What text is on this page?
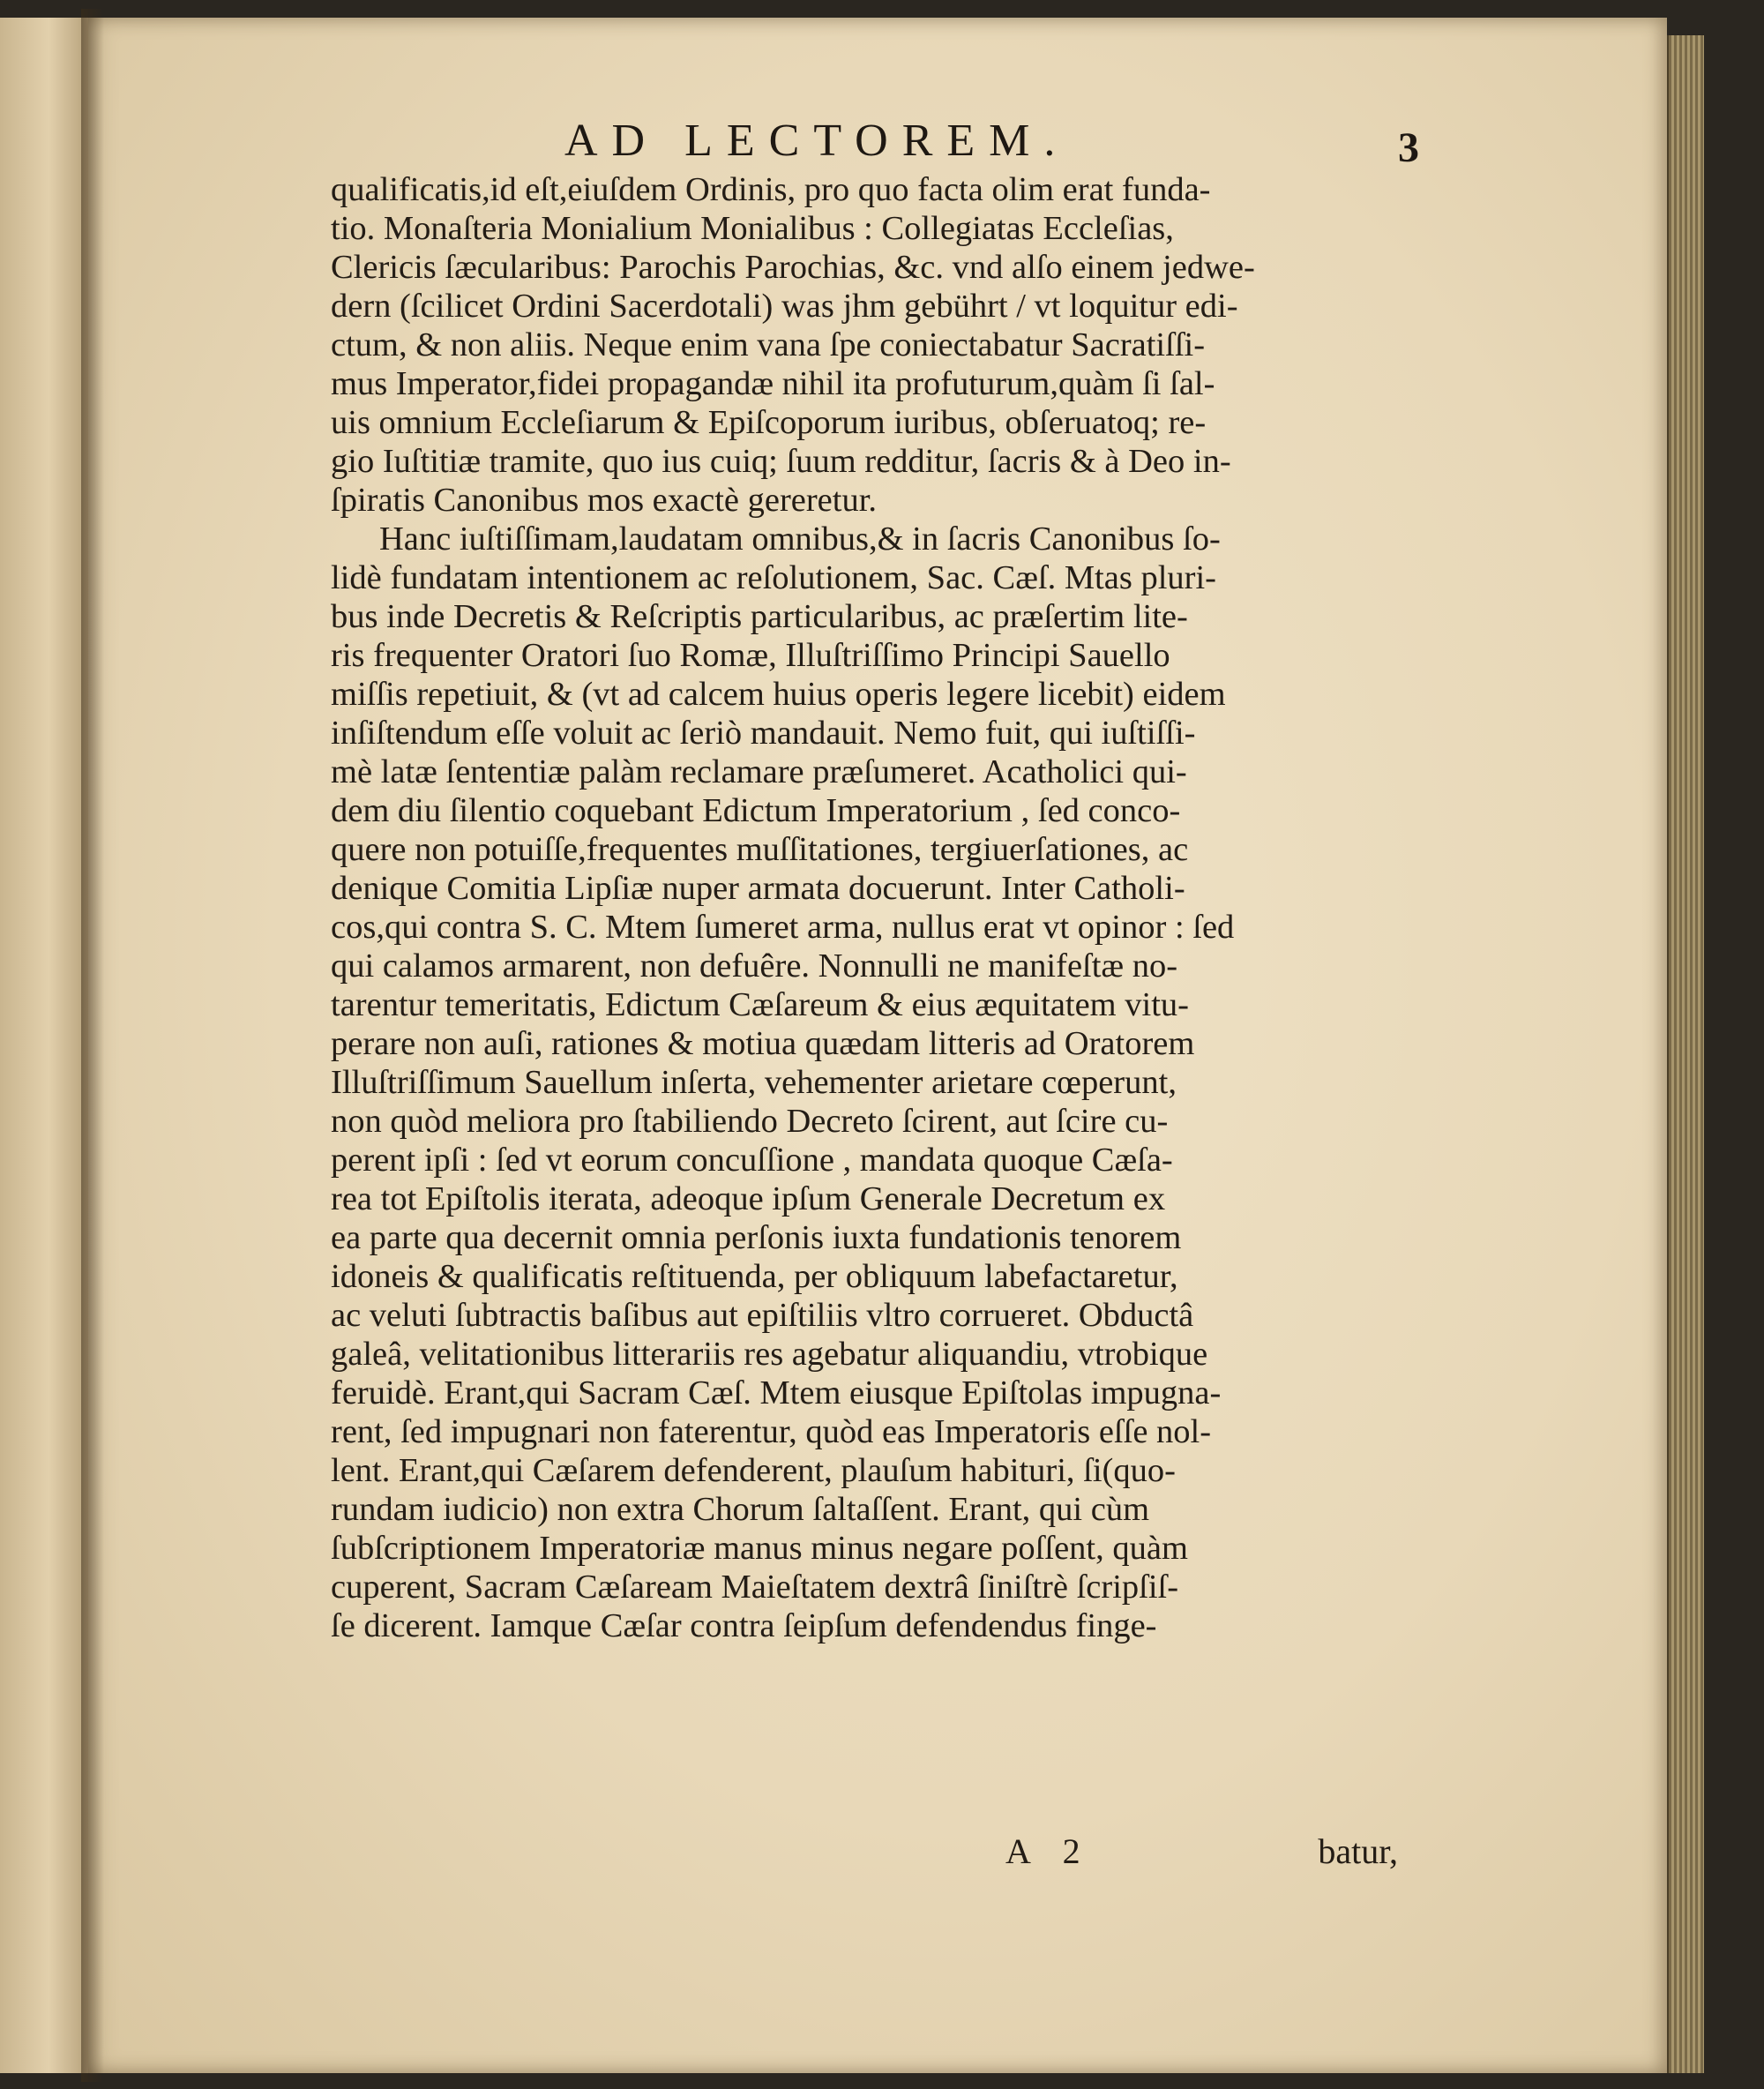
AD LECTOREM.	3
qualificatis,id eſt,eiuſdem Ordinis, pro quo facta olim erat funda-
tio. Monaſteria Monialium Monialibus : Collegiatas Eccleſias,
Clericis ſæcularibus: Parochis Parochias, &c. vnd alſo einem jedwe-
dern (ſcilicet Ordini Sacerdotali) was jhm gebührt / vt loquitur edi-
ctum, & non aliis. Neque enim vana ſpe coniectabatur Sacratiſſi-
mus Imperator,fidei propagandæ nihil ita profuturum,quàm ſi ſal-
uis omnium Eccleſiarum & Epiſcoporum iuribus, obſeruatoq; re-
gio Iuſtitiæ tramite, quo ius cuiq; ſuum redditur, ſacris & à Deo in-
ſpiratis Canonibus mos exactè gereretur.
Hanc iuſtiſſimam,laudatam omnibus,& in ſacris Canonibus ſo-
lidè fundatam intentionem ac reſolutionem, Sac. Cæſ. Mtas pluri-
bus inde Decretis & Reſcriptis particularibus, ac præſertim lite-
ris frequenter Oratori ſuo Romæ, Illuſtriſſimo Principi Sauello
miſſis repetiuit, & (vt ad calcem huius operis legere licebit) eidem
inſiſtendum eſſe voluit ac ſeriò mandauit. Nemo fuit, qui iuſtiſſi-
mè latæ ſententiæ palàm reclamare præſumeret. Acatholici qui-
dem diu ſilentio coquebant Edictum Imperatorium , ſed conco-
quere non potuiſſe,frequentes muſſitationes, tergiuerſationes, ac
denique Comitia Lipſiæ nuper armata docuerunt. Inter Catholi-
cos,qui contra S. C. Mtem ſumeret arma, nullus erat vt opinor : ſed
qui calamos armarent, non defuêre. Nonnulli ne manifeſtæ no-
tarentur temeritatis, Edictum Cæſareum & eius æquitatem vitu-
perare non auſi, rationes & motiua quædam litteris ad Oratorem
Illuſtriſſimum Sauellum inſerta, vehementer arietare cœperunt,
non quòd meliora pro ſtabiliendo Decreto ſcirent, aut ſcire cu-
perent ipſi : ſed vt eorum concuſſione , mandata quoque Cæſa-
rea tot Epiſtolis iterata, adeoque ipſum Generale Decretum ex
ea parte qua decernit omnia perſonis iuxta fundationis tenorem
idoneis & qualificatis reſtituenda, per obliquum labefactaretur,
ac veluti ſubtractis baſibus aut epiſtiliis vltro corrueret. Obductâ
galeâ, velitationibus litterariis res agebatur aliquandiu, vtrobique
feruidè. Erant,qui Sacram Cæſ. Mtem eiusque Epiſtolas impugna-
rent, ſed impugnari non faterentur, quòd eas Imperatoris eſſe nol-
lent. Erant,qui Cæſarem defenderent, plauſum habituri, ſi(quo-
rundam iudicio) non extra Chorum ſaltaſſent. Erant, qui cùm
ſubſcriptionem Imperatoriæ manus minus negare poſſent, quàm
cuperent, Sacram Cæſaream Maieſtatem dextrâ ſiniſtrè ſcripſiſ-
ſe dicerent. Iamque Cæſar contra ſeipſum defendendus finge-
A 2	batur,
